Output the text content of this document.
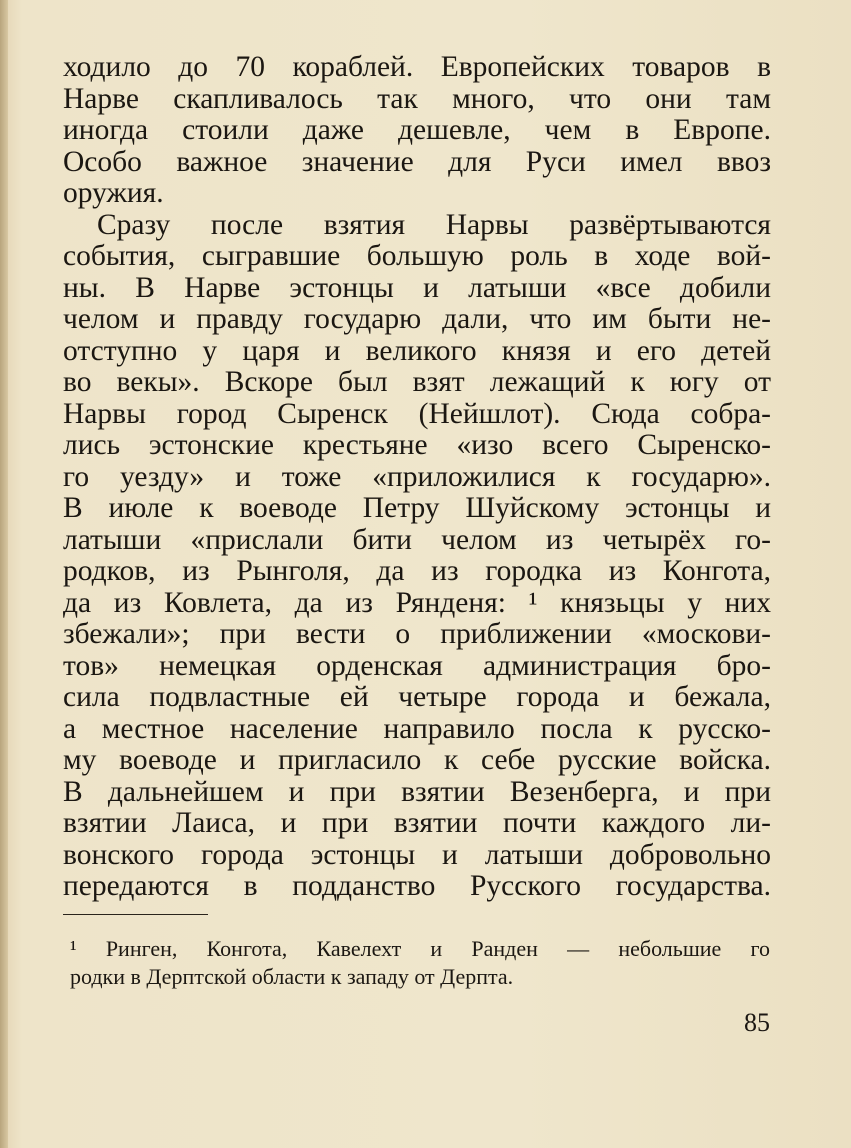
ходило до 70 кораблей. Европейских товаров в
Нарве скапливалось так много, что они там
иногда стоили даже дешевле, чем в Европе.
Особо важное значение для Руси имел ввоз
оружия.
Сразу после взятия Нарвы развёртываются
события, сыгравшие большую роль в ходе вой-
ны. В Нарве эстонцы и латыши «все добили
челом и правду государю дали, что им быти не-
отступно у царя и великого князя и его детей
во векы». Вскоре был взят лежащий к югу от
Нарвы город Сыренск (Нейшлот). Сюда собра-
лись эстонские крестьяне «изо всего Сыренско-
го уезду» и тоже «приложилися к государю».
В июле к воеводе Петру Шуйскому эстонцы и
латыши «прислали бити челом из четырёх го-
родков, из Рынголя, да из городка из Конгота,
да из Ковлета, да из Рянденя: ¹ князьцы у них
збежали»; при вести о приближении «москови-
тов» немецкая орденская администрация бро-
сила подвластные ей четыре города и бежала,
а местное население направило посла к русско-
му воеводе и пригласило к себе русские войска.
В дальнейшем и при взятии Везенберга, и при
взятии Лаиса, и при взятии почти каждого ли-
вонского города эстонцы и латыши добровольно
передаются в подданство Русского государства.
¹ Ринген, Конгота, Кавелехт и Ранден — небольшие го
родки в Дерптской области к западу от Дерпта.
85
